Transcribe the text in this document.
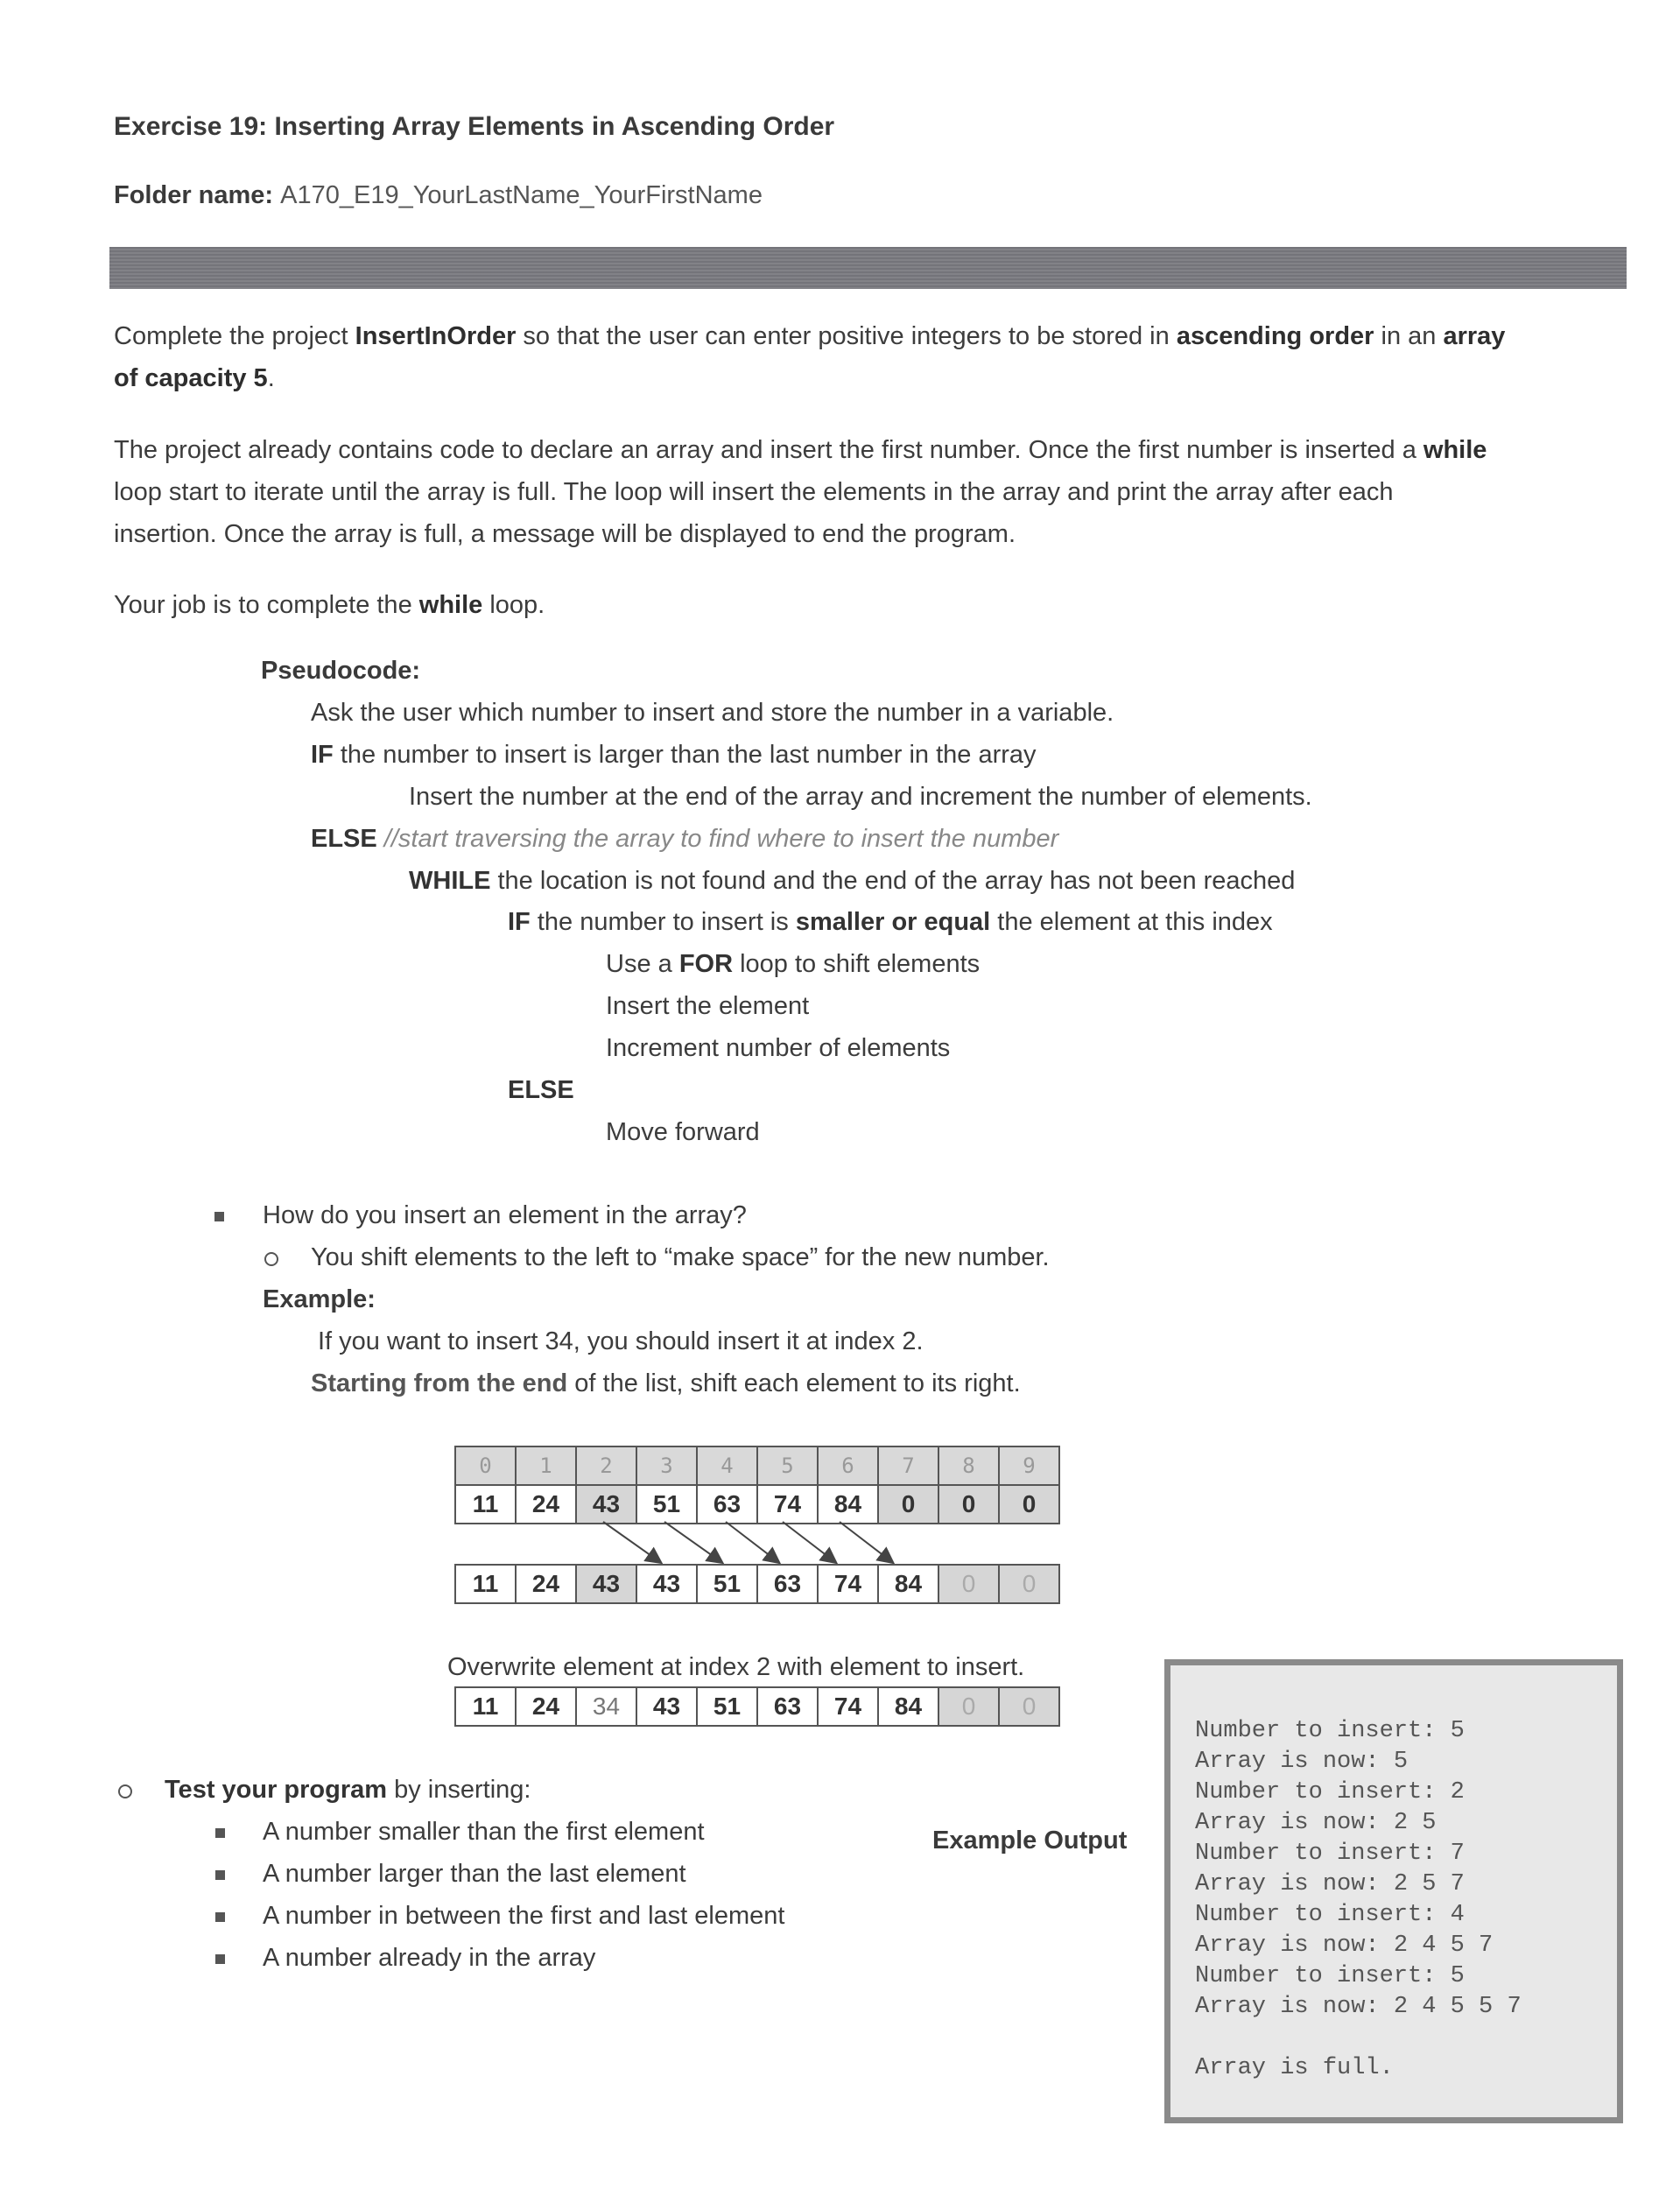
Exercise 19: Inserting Array Elements in Ascending Order
Folder name: A170_E19_YourLastName_YourFirstName
Complete the project InsertInOrder so that the user can enter positive integers to be stored in ascending order in an array
of capacity 5.
The project already contains code to declare an array and insert the first number. Once the first number is inserted a while
loop start to iterate until the array is full. The loop will insert the elements in the array and print the array after each
insertion. Once the array is full, a message will be displayed to end the program.
Your job is to complete the while loop.
Pseudocode:
Ask the user which number to insert and store the number in a variable.
IF the number to insert is larger than the last number in the array
Insert the number at the end of the array and increment the number of elements.
ELSE //start traversing the array to find where to insert the number
WHILE the location is not found and the end of the array has not been reached
IF the number to insert is smaller or equal the element at this index
Use a FOR loop to shift elements
Insert the element
Increment number of elements
ELSE
Move forward
How do you insert an element in the array?
You shift elements to the left to “make space” for the new number.
Example:
If you want to insert 34, you should insert it at index 2.
Starting from the end of the list, shift each element to its right.
0	1	2	3	4	5	6	7	8	9
11	24	43	51	63	74	84	0	0	0
11	24	43	43	51	63	74	84	0	0
Overwrite element at index 2 with element to insert.
11	24	34	43	51	63	74	84	0	0
Test your program by inserting:
A number smaller than the first element
A number larger than the last element
A number in between the first and last element
A number already in the array
Example Output
Number to insert: 5
Array is now: 5
Number to insert: 2
Array is now: 2 5
Number to insert: 7
Array is now: 2 5 7
Number to insert: 4
Array is now: 2 4 5 7
Number to insert: 5
Array is now: 2 4 5 5 7
Array is full.
